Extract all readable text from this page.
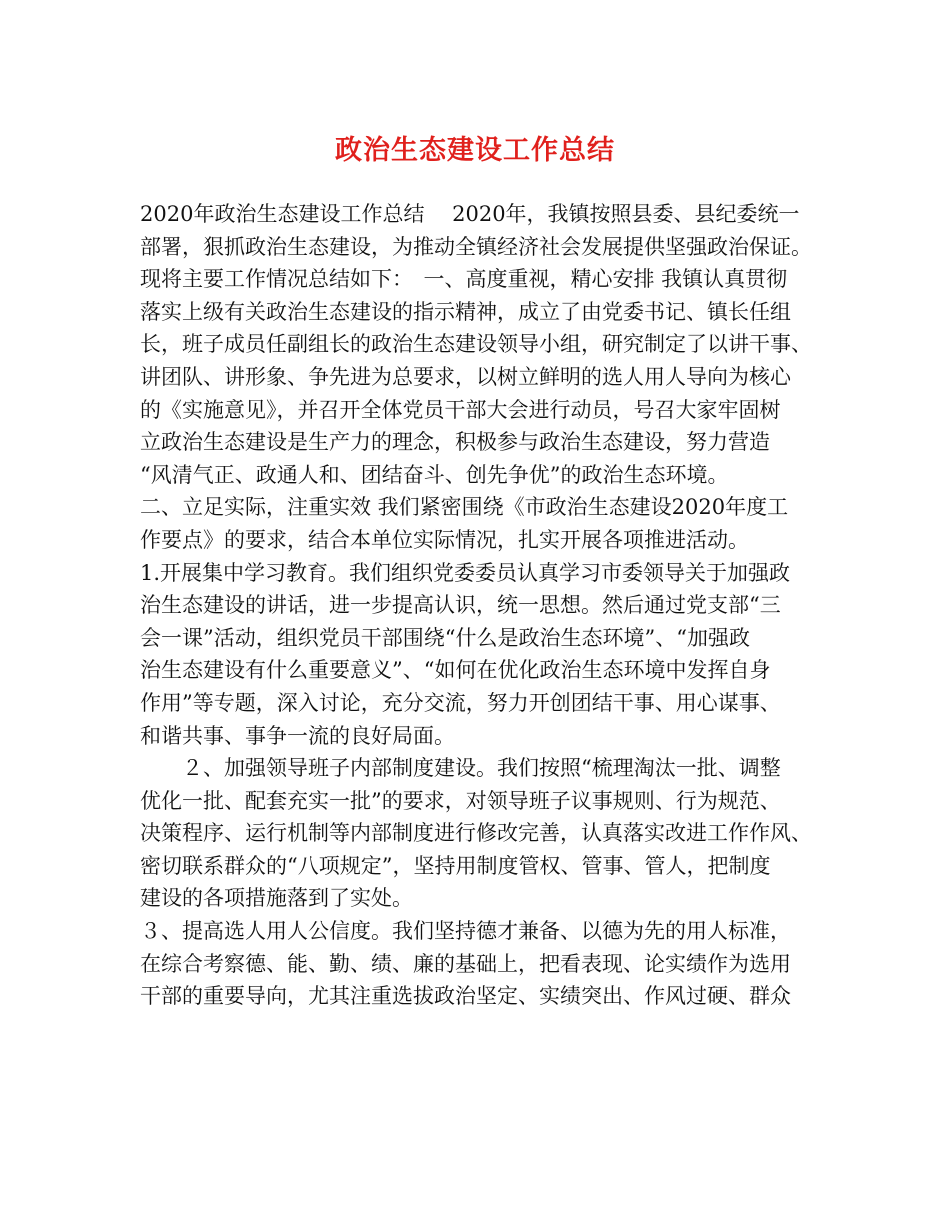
政治生态建设工作总结
2020年政治生态建设工作总结　 2020年，我镇按照县委、县纪委统一
部署，狠抓政治生态建设，为推动全镇经济社会发展提供坚强政治保证。
现将主要工作情况总结如下：　一、高度重视，精心安排 我镇认真贯彻
落实上级有关政治生态建设的指示精神，成立了由党委书记、镇长任组
长，班子成员任副组长的政治生态建设领导小组，研究制定了以讲干事、
讲团队、讲形象、争先进为总要求，以树立鲜明的选人用人导向为核心
的《实施意见》，并召开全体党员干部大会进行动员，号召大家牢固树
立政治生态建设是生产力的理念，积极参与政治生态建设，努力营造
“风清气正、政通人和、团结奋斗、创先争优”的政治生态环境。
二、立足实际，注重实效 我们紧密围绕《市政治生态建设2020年度工
作要点》的要求，结合本单位实际情况，扎实开展各项推进活动。
1.开展集中学习教育。我们组织党委委员认真学习市委领导关于加强政
治生态建设的讲话，进一步提高认识，统一思想。然后通过党支部“三
会一课”活动，组织党员干部围绕“什么是政治生态环境”、“加强政
治生态建设有什么重要意义”、“如何在优化政治生态环境中发挥自身
作用”等专题，深入讨论，充分交流，努力开创团结干事、用心谋事、
和谐共事、事争一流的良好局面。
　　２、加强领导班子内部制度建设。我们按照“梳理淘汰一批、调整
优化一批、配套充实一批”的要求，对领导班子议事规则、行为规范、
决策程序、运行机制等内部制度进行修改完善，认真落实改进工作作风、
密切联系群众的“八项规定”，坚持用制度管权、管事、管人，把制度
建设的各项措施落到了实处。
３、提高选人用人公信度。我们坚持德才兼备、以德为先的用人标准，
在综合考察德、能、勤、绩、廉的基础上，把看表现、论实绩作为选用
干部的重要导向，尤其注重选拔政治坚定、实绩突出、作风过硬、群众
